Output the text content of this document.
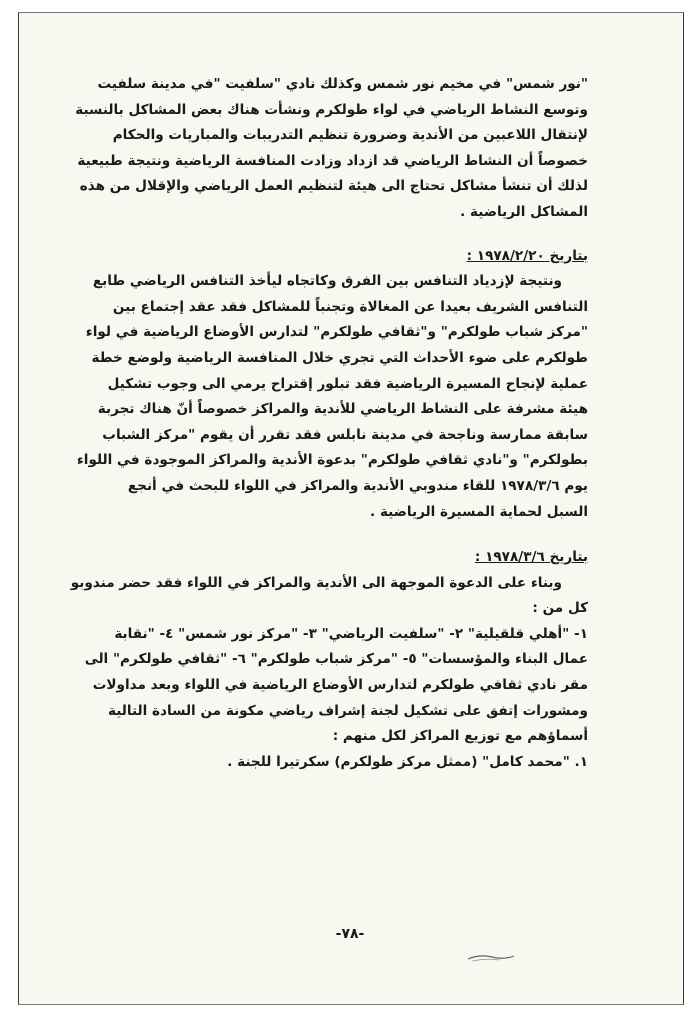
"نور شمس" في مخيم نور شمس وكذلك نادي "سلفيت "في مدينة سلفيت

وتوسع النشاط الرياضي في لواء طولكرم ونشأت هناك بعض المشاكل بالنسبة

لإنتقال اللاعبين من الأندية وضرورة تنظيم التدريبات والمباريات والحكام

خصوصاً أن النشاط الرياضي قد ازداد وزادت المنافسة الرياضية ونتيجة طبيعية

لذلك أن تنشأ مشاكل تحتاج الى هيئة لتنظيم العمل الرياضي والإقلال من هذه

المشاكل الرياضية .

بتاريخ ١٩٧٨/٢/٢٠ :

ونتيجة لإزدياد التنافس بين الفرق وكاتجاه ليأخذ التنافس الرياضي طابع

التنافس الشريف بعيدا عن المغالاة وتجنباً للمشاكل فقد عقد إجتماع بين

"مركز شباب طولكرم" و"ثقافي طولكرم" لتدارس الأوضاع الرياضية في لواء

طولكرم على ضوء الأحداث التي تجري خلال المنافسة الرياضية ولوضع خطة

عملية لإنجاح المسيرة الرياضية فقد تبلور إقتراح يرمي الى وجوب تشكيل

هيئة مشرفة على النشاط الرياضي للأندية والمراكز خصوصاً أنّ هناك تجربة

سابقة ممارسة وناجحة في مدينة نابلس فقد تقرر أن يقوم "مركز الشباب

بطولكرم" و"نادي ثقافي طولكرم" بدعوة الأندية والمراكز الموجودة في اللواء

يوم ١٩٧٨/٣/٦ للقاء مندوبي الأندية والمراكز في اللواء للبحث في أنجع

السبل لحماية المسيرة الرياضية .

بتاريخ ١٩٧٨/٣/٦ :

وبناء على الدعوة الموجهة الى الأندية والمراكز في اللواء فقد حضر مندوبو

كل من :

١- "أهلي قلقيلية" ٢- "سلفيت الرياضي" ٣- "مركز نور شمس" ٤- "نقابة

عمال البناء والمؤسسات" ٥- "مركز شباب طولكرم" ٦- "ثقافي طولكرم" الى

مقر نادي ثقافي طولكرم لتدارس الأوضاع الرياضية في اللواء وبعد مداولات

ومشورات إتفق على تشكيل لجنة إشراف رياضي مكونة من السادة التالية

أسماؤهم مع توزيع المراكز لكل منهم :

١. "محمد كامل" (ممثل مركز طولكرم) سكرتيرا للجنة .

-٧٨-
